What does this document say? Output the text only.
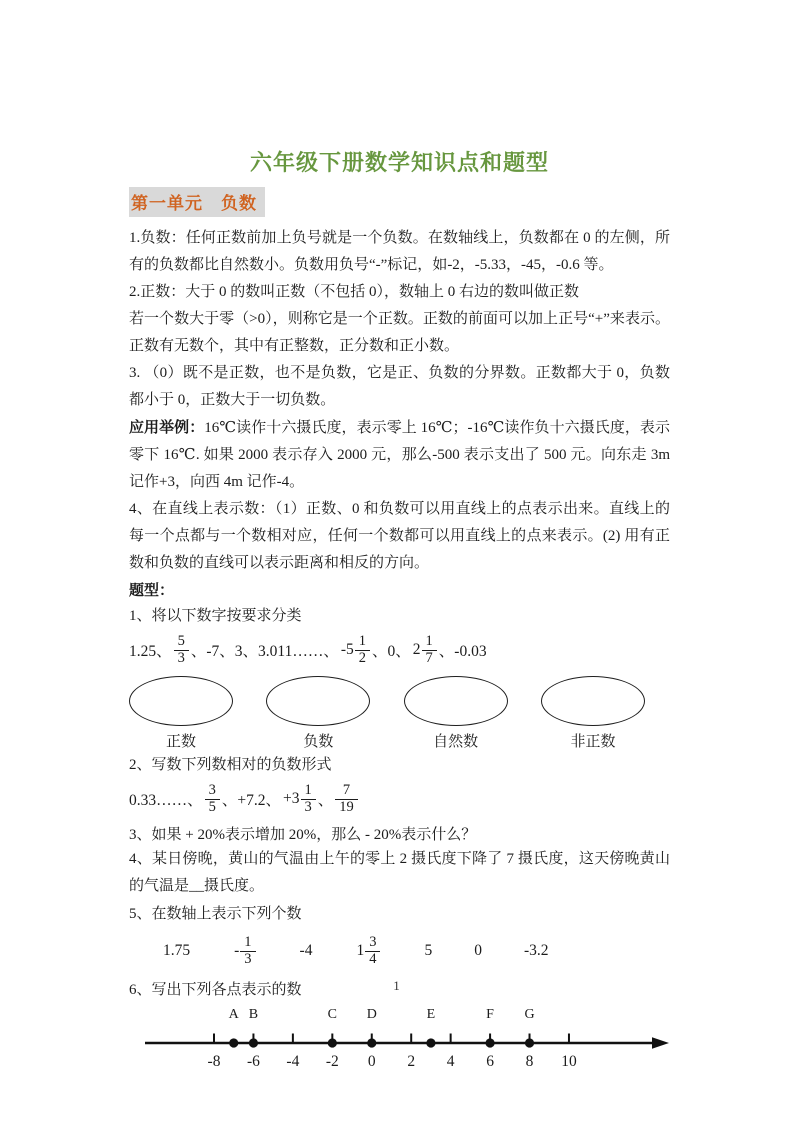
六年级下册数学知识点和题型
第一单元　负数

1.负数：任何正数前加上负号就是一个负数。在数轴线上，负数都在 0 的左侧，所有的负数都比自然数小。负数用负号“-”标记，如-2，-5.33，-45，-0.6 等。

2.正数：大于 0 的数叫正数（不包括 0），数轴上 0 右边的数叫做正数

若一个数大于零（>0），则称它是一个正数。正数的前面可以加上正号“+”来表示。正数有无数个，其中有正整数，正分数和正小数。

3. （0）既不是正数，也不是负数，它是正、负数的分界数。正数都大于 0，负数都小于 0，正数大于一切负数。

应用举例：16℃读作十六摄氏度，表示零上 16℃；-16℃读作负十六摄氏度，表示零下 16℃. 如果 2000 表示存入 2000 元，那么-500 表示支出了 500 元。向东走 3m 记作+3，向西 4m 记作-4。

4、在直线上表示数：（1）正数、0 和负数可以用直线上的点表示出来。直线上的每一个点都与一个数相对应，任何一个数都可以用直线上的点来表示。(2) 用有正数和负数的直线可以表示距离和相反的方向。

题型：

1、将以下数字按要求分类

1.25、 $\frac{5}{3}$ 、-7、3、3.011……、 $-5 \frac{1}{2}$ 、0、 $2 \frac{1}{7}$ 、-0.03
正数	负数	自然数	非正数

2、写数下列数相对的负数形式

0.33……、 $\frac{3}{5}$ 、+7.2、 $+3 \frac{1}{3}$ 、 $\frac{7}{19}$

3、如果 + 20%表示增加 20%，那么 - 20%表示什么？

4、某日傍晚，黄山的气温由上午的零上 2 摄氏度下降了 7 摄氏度，这天傍晚黄山的气温是__摄氏度。

5、在数轴上表示下列个数

1.75	- $\frac{1}{3}$	-4	$1 \frac{3}{4}$	5	0	-3.2

6、写出下列各点表示的数

-8 -6 -4 -2 0 2 4 6 8 10
A B	C D	E	F G
1
